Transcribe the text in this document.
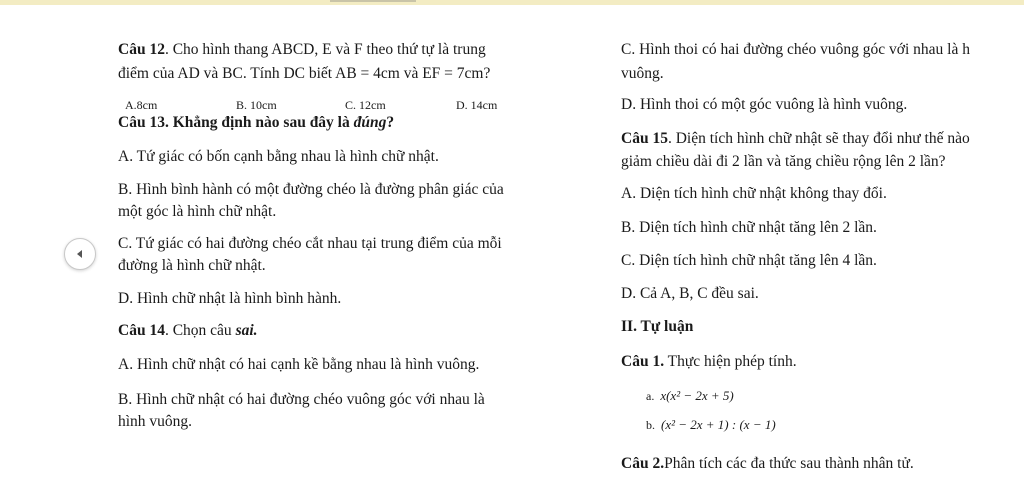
Câu 12. Cho hình thang ABCD, E và F theo thứ tự là trung
điểm của AD và BC. Tính DC biết AB = 4cm và EF = 7cm?
A.8cm	B. 10cm	C. 12cm	D. 14cm
Câu 13. Khẳng định nào sau đây là đúng?
A. Tứ giác có bốn cạnh bằng nhau là hình chữ nhật.
B. Hình bình hành có một đường chéo là đường phân giác của
một góc là hình chữ nhật.
C. Tứ giác có hai đường chéo cắt nhau tại trung điểm của mỗi
đường là hình chữ nhật.
D. Hình chữ nhật là hình bình hành.
Câu 14. Chọn câu sai.
A. Hình chữ nhật có hai cạnh kề bằng nhau là hình vuông.
B. Hình chữ nhật có hai đường chéo vuông góc với nhau là
hình vuông.
C. Hình thoi có hai đường chéo vuông góc với nhau là h
vuông.
D. Hình thoi có một góc vuông là hình vuông.
Câu 15. Diện tích hình chữ nhật sẽ thay đổi như thế nào
giảm chiều dài đi 2 lần và tăng chiều rộng lên 2 lần?
A. Diện tích hình chữ nhật không thay đổi.
B. Diện tích hình chữ nhật tăng lên 2 lần.
C. Diện tích hình chữ nhật tăng lên 4 lần.
D. Cả A, B, C đều sai.
II. Tự luận
Câu 1. Thực hiện phép tính.
a. x(x² − 2x + 5)
b. (x² − 2x + 1) : (x − 1)
Câu 2.Phân tích các đa thức sau thành nhân tử.
